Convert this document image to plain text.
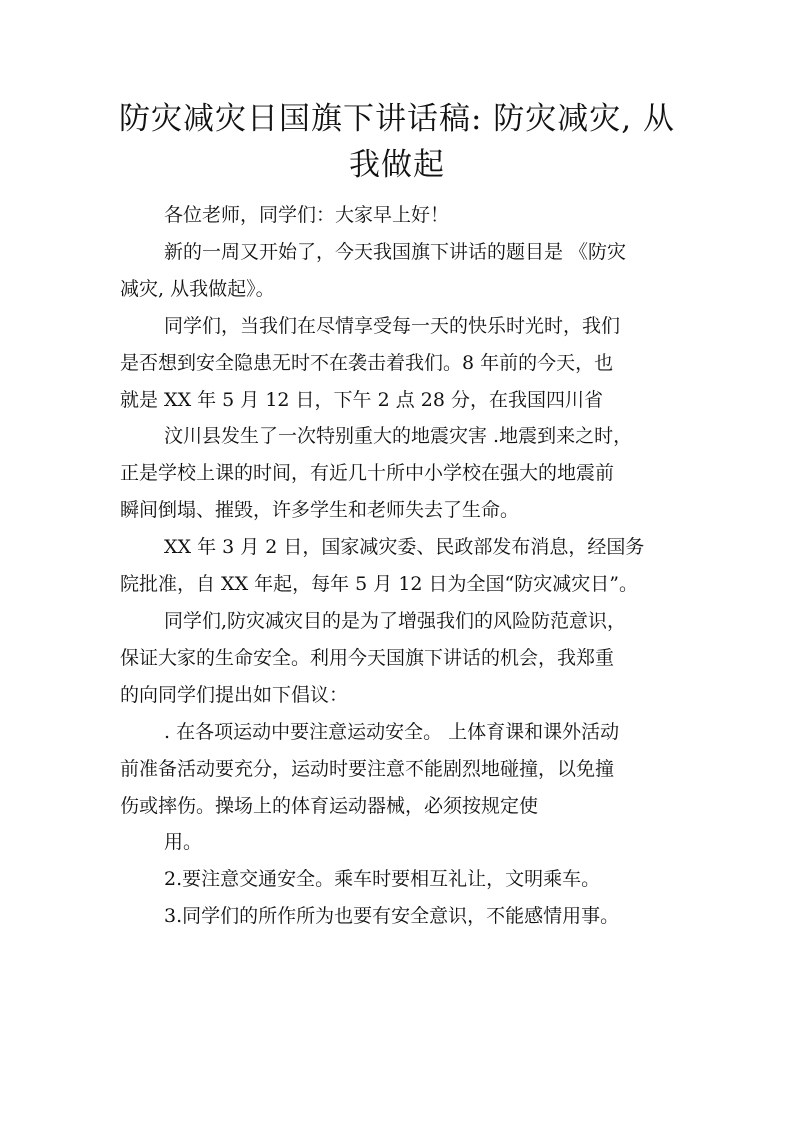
防灾减灾日国旗下讲话稿: 防灾减灾, 从
我做起

各位老师，同学们：大家早上好！

新的一周又开始了，今天我国旗下讲话的题目是 《防灾

减灾, 从我做起》。

同学们，当我们在尽情享受每一天的快乐时光时，我们

是否想到安全隐患无时不在袭击着我们。8 年前的今天，也

就是 XX 年 5 月 12 日，下午 2 点 28 分，在我国四川省

汶川县发生了一次特别重大的地震灾害 .地震到来之时，

正是学校上课的时间，有近几十所中小学校在强大的地震前

瞬间倒塌、摧毁，许多学生和老师失去了生命。

XX 年 3 月 2 日，国家减灾委、民政部发布消息，经国务

院批准，自 XX 年起，每年 5 月 12 日为全国“防灾减灾日”。

同学们,防灾减灾目的是为了增强我们的风险防范意识，

保证大家的生命安全。利用今天国旗下讲话的机会，我郑重

的向同学们提出如下倡议：

. 在各项运动中要注意运动安全。 上体育课和课外活动

前准备活动要充分，运动时要注意不能剧烈地碰撞，以免撞

伤或摔伤。操场上的体育运动器械，必须按规定使

用。

2.要注意交通安全。乘车时要相互礼让，文明乘车。

3.同学们的所作所为也要有安全意识，不能感情用事。
